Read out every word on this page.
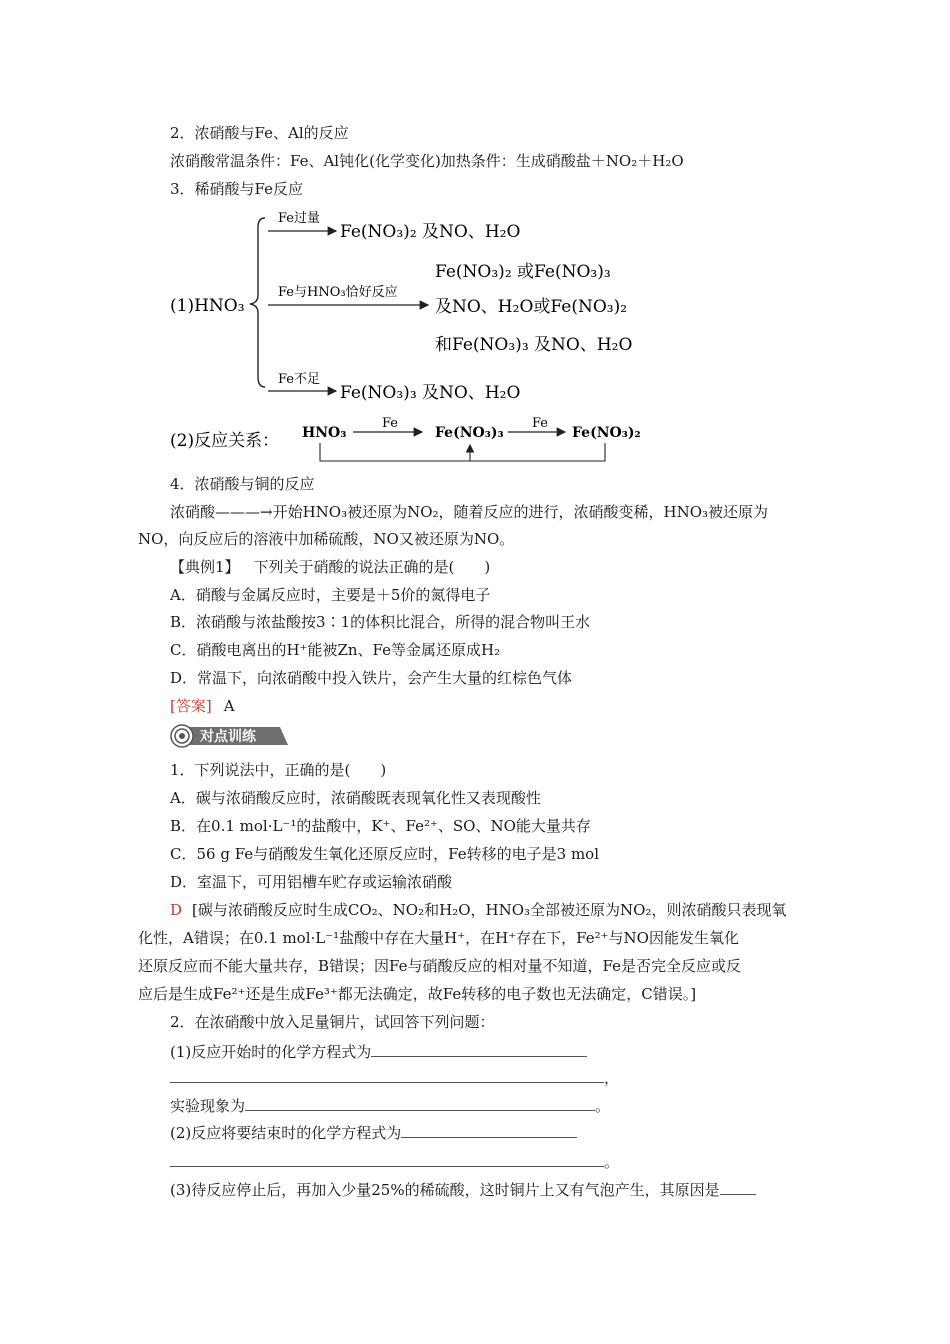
2．浓硝酸与Fe、Al的反应
浓硝酸常温条件：Fe、Al钝化(化学变化)加热条件：生成硝酸盐＋NO₂＋H₂O
3．稀硝酸与Fe反应
(1)HNO₃
Fe过量
Fe(NO₃)₂ 及NO、H₂O
Fe(NO₃)₂ 或Fe(NO₃)₃
Fe与HNO₃恰好反应
及NO、H₂O或Fe(NO₃)₂
和Fe(NO₃)₃ 及NO、H₂O
Fe不足
Fe(NO₃)₃ 及NO、H₂O
(2)反应关系： HNO₃
Fe
Fe(NO₃)₃
Fe
Fe(NO₃)₂
4．浓硝酸与铜的反应
浓硝酸———→开始HNO₃被还原为NO₂，随着反应的进行，浓硝酸变稀，HNO₃被还原为
NO，向反应后的溶液中加稀硫酸，NO又被还原为NO。
【典例1】 下列关于硝酸的说法正确的是(　　)
A．硝酸与金属反应时，主要是＋5价的氮得电子
B．浓硝酸与浓盐酸按3∶1的体积比混合，所得的混合物叫王水
C．硝酸电离出的H⁺能被Zn、Fe等金属还原成H₂
D．常温下，向浓硝酸中投入铁片，会产生大量的红棕色气体
[答案] A
对点训练
1．下列说法中，正确的是(　　)
A．碳与浓硝酸反应时，浓硝酸既表现氧化性又表现酸性
B．在0.1 mol·L⁻¹的盐酸中，K⁺、Fe²⁺、SO、NO能大量共存
C．56 g Fe与硝酸发生氧化还原反应时，Fe转移的电子是3 mol
D．室温下，可用铝槽车贮存或运输浓硝酸
D [碳与浓硝酸反应时生成CO₂、NO₂和H₂O，HNO₃全部被还原为NO₂，则浓硝酸只表现氧
化性，A错误；在0.1 mol·L⁻¹盐酸中存在大量H⁺，在H⁺存在下，Fe²⁺与NO因能发生氧化
还原反应而不能大量共存，B错误；因Fe与硝酸反应的相对量不知道，Fe是否完全反应或反
应后是生成Fe²⁺还是生成Fe³⁺都无法确定，故Fe转移的电子数也无法确定，C错误。]
2．在浓硝酸中放入足量铜片，试回答下列问题：
(1)反应开始时的化学方程式为
，
实验现象为	。
(2)反应将要结束时的化学方程式为
。
(3)待反应停止后，再加入少量25%的稀硫酸，这时铜片上又有气泡产生，其原因是
